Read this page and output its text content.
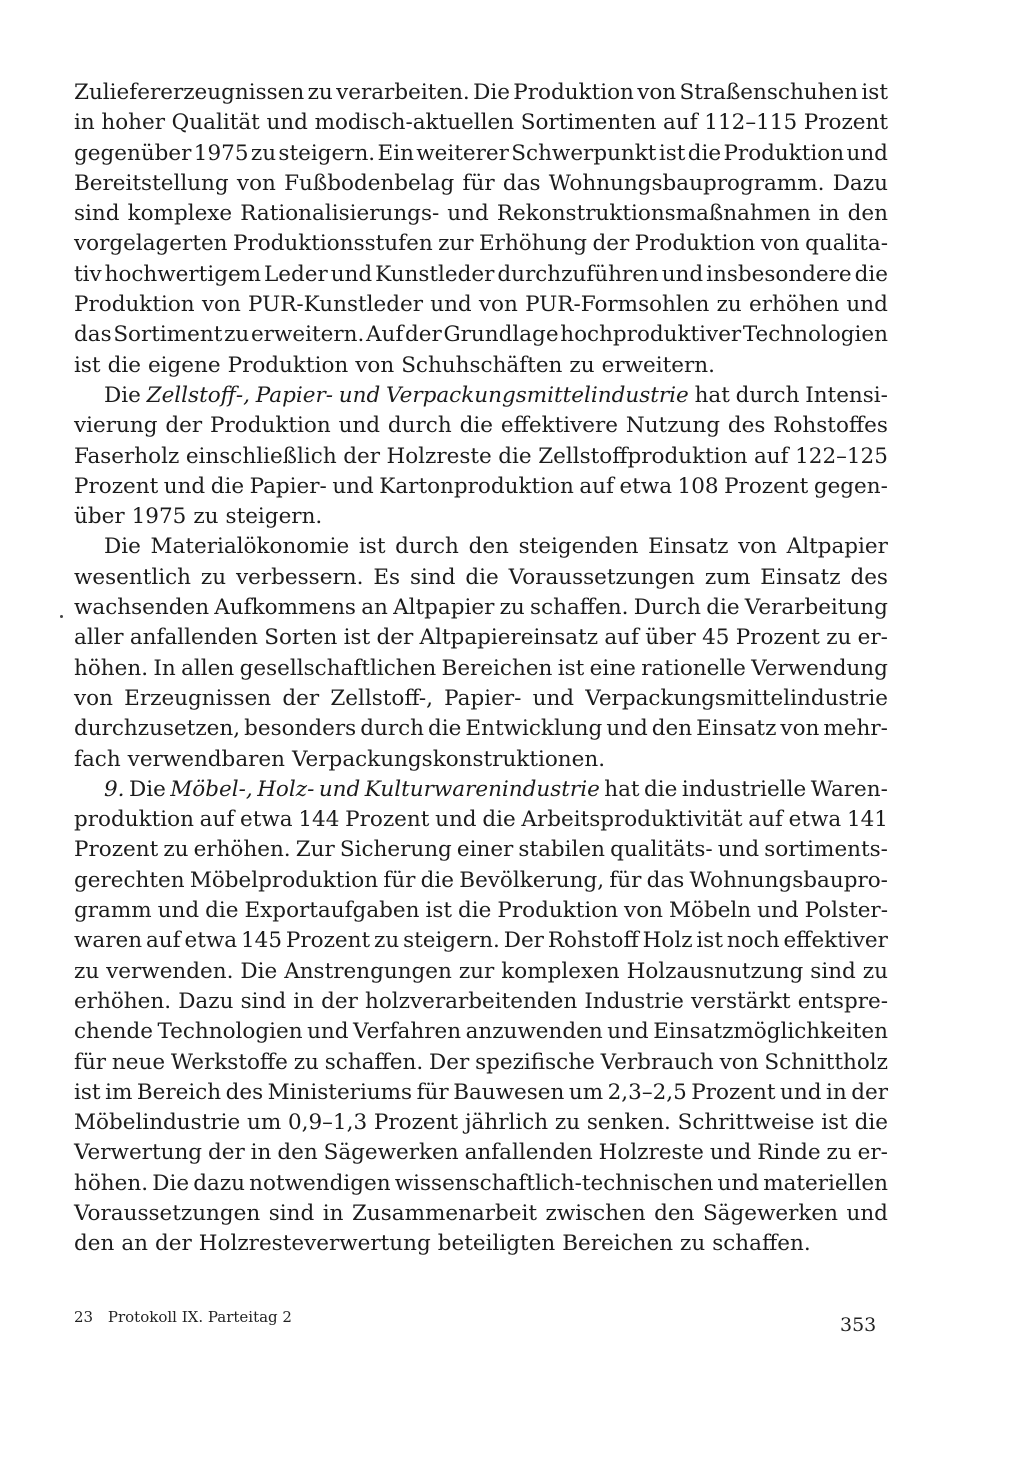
Zuliefererzeugnissen zu verarbeiten. Die Produktion von Straßenschuhen ist
in hoher Qualität und modisch-aktuellen Sortimenten auf 112–115 Prozent
gegenüber 1975 zu steigern. Ein weiterer Schwerpunkt ist die Produktion und
Bereitstellung von Fußbodenbelag für das Wohnungsbauprogramm. Dazu
sind komplexe Rationalisierungs- und Rekonstruktionsmaßnahmen in den
vorgelagerten Produktionsstufen zur Erhöhung der Produktion von qualita-
tiv hochwertigem Leder und Kunstleder durchzuführen und insbesondere die
Produktion von PUR-Kunstleder und von PUR-Formsohlen zu erhöhen und
das Sortiment zu erweitern. Auf der Grundlage hochproduktiver Technologien
ist die eigene Produktion von Schuhschäften zu erweitern.
Die Zellstoff-, Papier- und Verpackungsmittelindustrie hat durch Intensi-
vierung der Produktion und durch die effektivere Nutzung des Rohstoffes
Faserholz einschließlich der Holzreste die Zellstoffproduktion auf 122–125
Prozent und die Papier- und Kartonproduktion auf etwa 108 Prozent gegen-
über 1975 zu steigern.
Die Materialökonomie ist durch den steigenden Einsatz von Altpapier
wesentlich zu verbessern. Es sind die Voraussetzungen zum Einsatz des
wachsenden Aufkommens an Altpapier zu schaffen. Durch die Verarbeitung
aller anfallenden Sorten ist der Altpapiereinsatz auf über 45 Prozent zu er-
höhen. In allen gesellschaftlichen Bereichen ist eine rationelle Verwendung
von Erzeugnissen der Zellstoff-, Papier- und Verpackungsmittelindustrie
durchzusetzen, besonders durch die Entwicklung und den Einsatz von mehr-
fach verwendbaren Verpackungskonstruktionen.
9. Die Möbel-, Holz- und Kulturwarenindustrie hat die industrielle Waren-
produktion auf etwa 144 Prozent und die Arbeitsproduktivität auf etwa 141
Prozent zu erhöhen. Zur Sicherung einer stabilen qualitäts- und sortiments-
gerechten Möbelproduktion für die Bevölkerung, für das Wohnungsbaupro-
gramm und die Exportaufgaben ist die Produktion von Möbeln und Polster-
waren auf etwa 145 Prozent zu steigern. Der Rohstoff Holz ist noch effektiver
zu verwenden. Die Anstrengungen zur komplexen Holzausnutzung sind zu
erhöhen. Dazu sind in der holzverarbeitenden Industrie verstärkt entspre-
chende Technologien und Verfahren anzuwenden und Einsatzmöglichkeiten
für neue Werkstoffe zu schaffen. Der spezifische Verbrauch von Schnittholz
ist im Bereich des Ministeriums für Bauwesen um 2,3–2,5 Prozent und in der
Möbelindustrie um 0,9–1,3 Prozent jährlich zu senken. Schrittweise ist die
Verwertung der in den Sägewerken anfallenden Holzreste und Rinde zu er-
höhen. Die dazu notwendigen wissenschaftlich-technischen und materiellen
Voraussetzungen sind in Zusammenarbeit zwischen den Sägewerken und
den an der Holzresteverwertung beteiligten Bereichen zu schaffen.
23 Protokoll IX. Parteitag 2	353
